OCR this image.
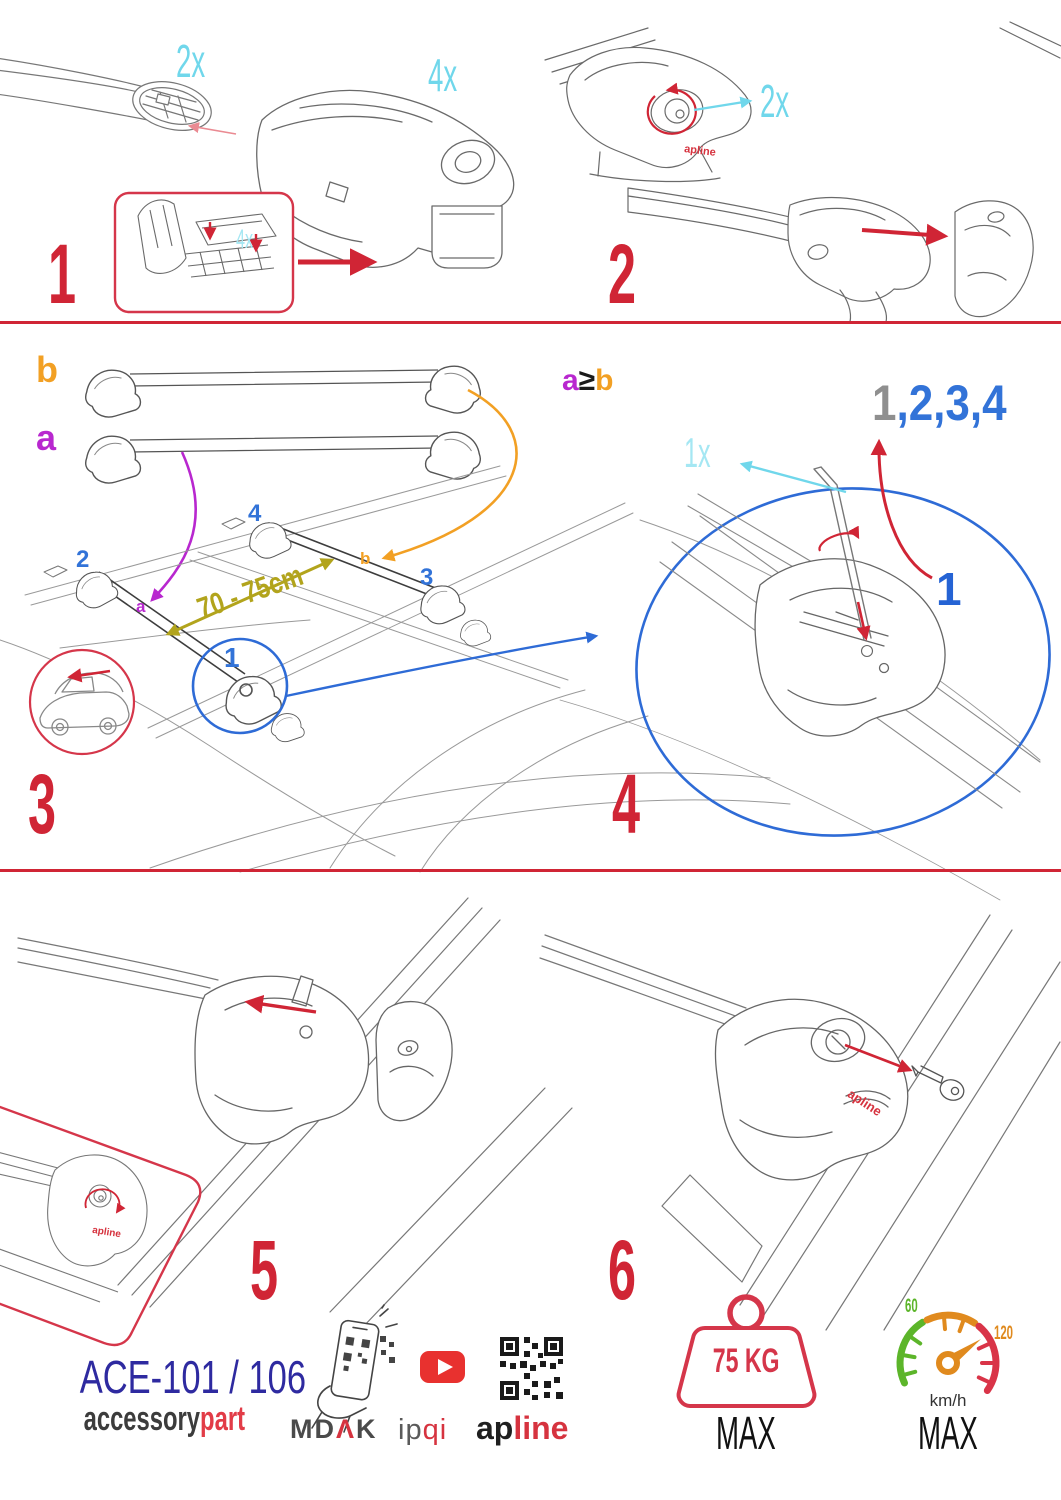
1	2
3	4
5	6
2x	4x
4x
2x
1x
b
a
2
4
3
1
b
a	70 - 75cm
a≥b	1,2,3,4
1
apline
apline
apline
ACE-101 / 106
accessorypart	MDΛK ipqi apline
75 KG
MAX
60
120
km/h
MAX
